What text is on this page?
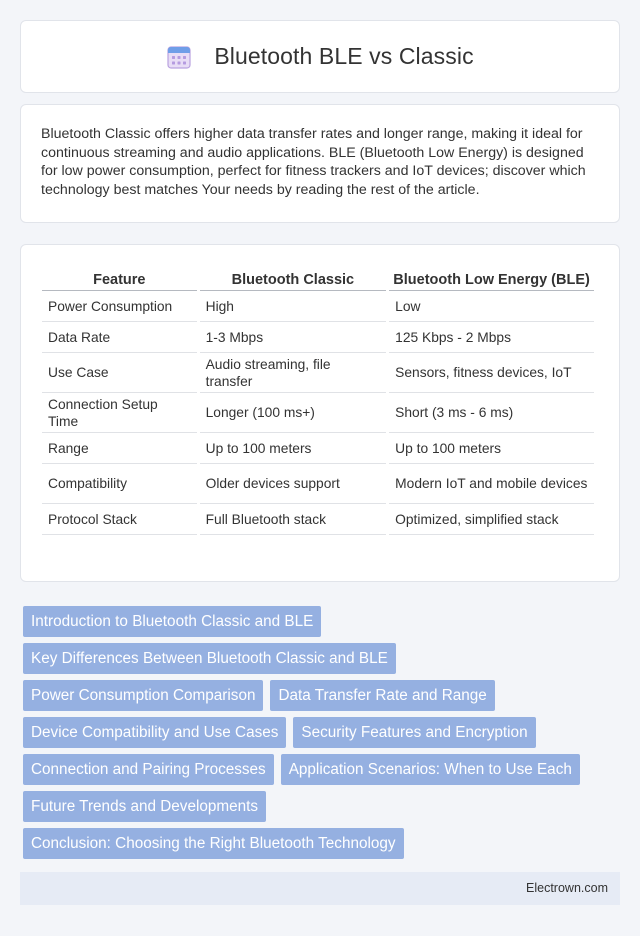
Bluetooth BLE vs Classic

Bluetooth Classic offers higher data transfer rates and longer range, making it ideal for continuous streaming and audio applications. BLE (Bluetooth Low Energy) is designed for low power consumption, perfect for fitness trackers and IoT devices; discover which technology best matches Your needs by reading the rest of the article.

Feature	Bluetooth Classic	Bluetooth Low Energy (BLE)
Power Consumption	High	Low
Data Rate	1-3 Mbps	125 Kbps - 2 Mbps
Use Case	Audio streaming, file transfer	Sensors, fitness devices, IoT
Connection Setup Time	Longer (100 ms+)	Short (3 ms - 6 ms)
Range	Up to 100 meters	Up to 100 meters
Compatibility	Older devices support	Modern IoT and mobile devices
Protocol Stack	Full Bluetooth stack	Optimized, simplified stack
Introduction to Bluetooth Classic and BLE
Key Differences Between Bluetooth Classic and BLE
Power Consumption Comparison	Data Transfer Rate and Range
Device Compatibility and Use Cases	Security Features and Encryption
Connection and Pairing Processes	Application Scenarios: When to Use Each
Future Trends and Developments
Conclusion: Choosing the Right Bluetooth Technology
Electrown.com
